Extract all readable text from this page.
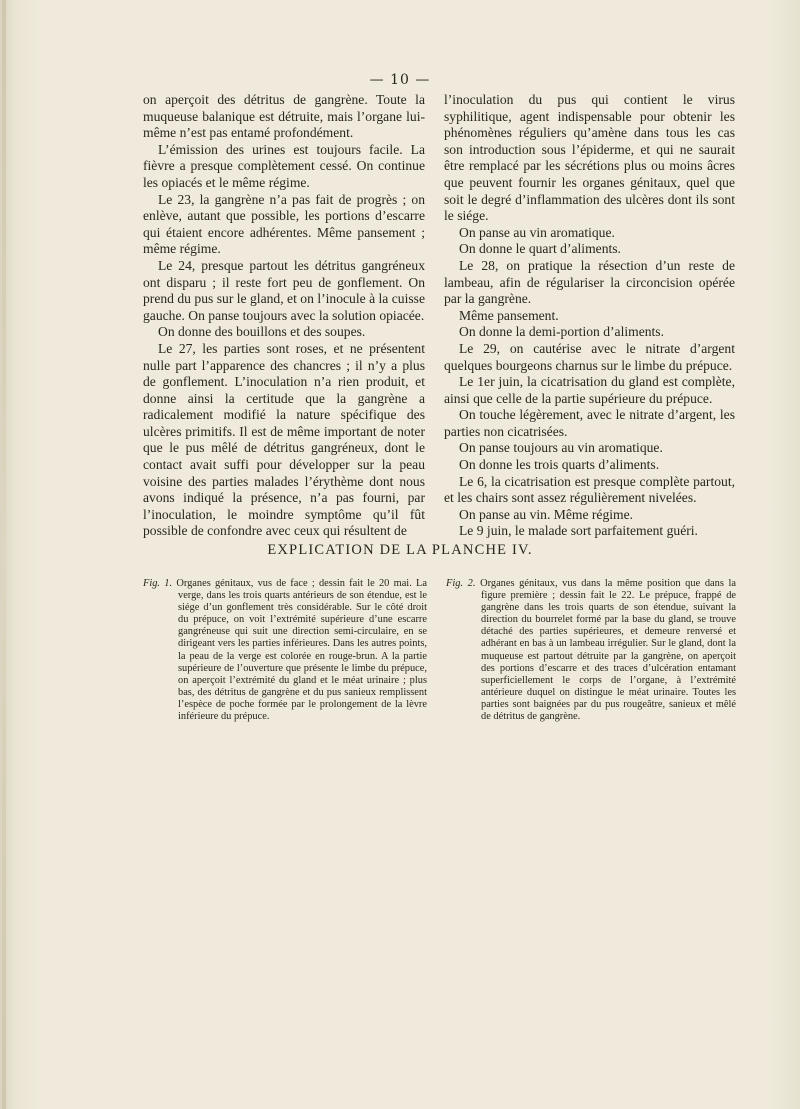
— 10 —

on aperçoit des détritus de gangrène. Toute la muqueuse balanique est détruite, mais l’organe lui-même n’est pas entamé profondément.

L’émission des urines est toujours facile. La fièvre a presque complètement cessé. On continue les opiacés et le même régime.

Le 23, la gangrène n’a pas fait de progrès ; on enlève, autant que possible, les portions d’escarre qui étaient encore adhérentes. Même pansement ; même régime.

Le 24, presque partout les détritus gangréneux ont disparu ; il reste fort peu de gonflement. On prend du pus sur le gland, et on l’inocule à la cuisse gauche. On panse toujours avec la solution opiacée.

On donne des bouillons et des soupes.

Le 27, les parties sont roses, et ne présentent nulle part l’apparence des chancres ; il n’y a plus de gonflement. L’inoculation n’a rien produit, et donne ainsi la certitude que la gangrène a radicalement modifié la nature spécifique des ulcères primitifs. Il est de même important de noter que le pus mêlé de détritus gangréneux, dont le contact avait suffi pour développer sur la peau voisine des parties malades l’érythème dont nous avons indiqué la présence, n’a pas fourni, par l’inoculation, le moindre symptôme qu’il fût possible de confondre avec ceux qui résultent de

l’inoculation du pus qui contient le virus syphilitique, agent indispensable pour obtenir les phénomènes réguliers qu’amène dans tous les cas son introduction sous l’épiderme, et qui ne saurait être remplacé par les sécrétions plus ou moins âcres que peuvent fournir les organes génitaux, quel que soit le degré d’inflammation des ulcères dont ils sont le siége.

On panse au vin aromatique.

On donne le quart d’aliments.

Le 28, on pratique la résection d’un reste de lambeau, afin de régulariser la circoncision opérée par la gangrène.

Même pansement.

On donne la demi-portion d’aliments.

Le 29, on cautérise avec le nitrate d’argent quelques bourgeons charnus sur le limbe du prépuce.

Le 1er juin, la cicatrisation du gland est complète, ainsi que celle de la partie supérieure du prépuce.

On touche légèrement, avec le nitrate d’argent, les parties non cicatrisées.

On panse toujours au vin aromatique.

On donne les trois quarts d’aliments.

Le 6, la cicatrisation est presque complète partout, et les chairs sont assez régulièrement nivelées.

On panse au vin. Même régime.

Le 9 juin, le malade sort parfaitement guéri.

EXPLICATION DE LA PLANCHE IV.

Fig. 1. Organes génitaux, vus de face ; dessin fait le 20 mai. La verge, dans les trois quarts antérieurs de son étendue, est le siége d’un gonflement très considérable. Sur le côté droit du prépuce, on voit l’extrémité supérieure d’une escarre gangréneuse qui suit une direction semi-circulaire, en se dirigeant vers les parties inférieures. Dans les autres points, la peau de la verge est colorée en rouge-brun. A la partie supérieure de l’ouverture que présente le limbe du prépuce, on aperçoit l’extrémité du gland et le méat urinaire ; plus bas, des détritus de gangrène et du pus sanieux remplissent l’espèce de poche formée par le prolongement de la lèvre inférieure du prépuce.

Fig. 2. Organes génitaux, vus dans la même position que dans la figure première ; dessin fait le 22. Le prépuce, frappé de gangrène dans les trois quarts de son étendue, suivant la direction du bourrelet formé par la base du gland, se trouve détaché des parties supérieures, et demeure renversé et adhérant en bas à un lambeau irrégulier. Sur le gland, dont la muqueuse est partout détruite par la gangrène, on aperçoit des portions d’escarre et des traces d’ulcération entamant superficiellement le corps de l’organe, à l’extrémité antérieure duquel on distingue le méat urinaire. Toutes les parties sont baignées par du pus rougeâtre, sanieux et mêlé de détritus de gangrène.
